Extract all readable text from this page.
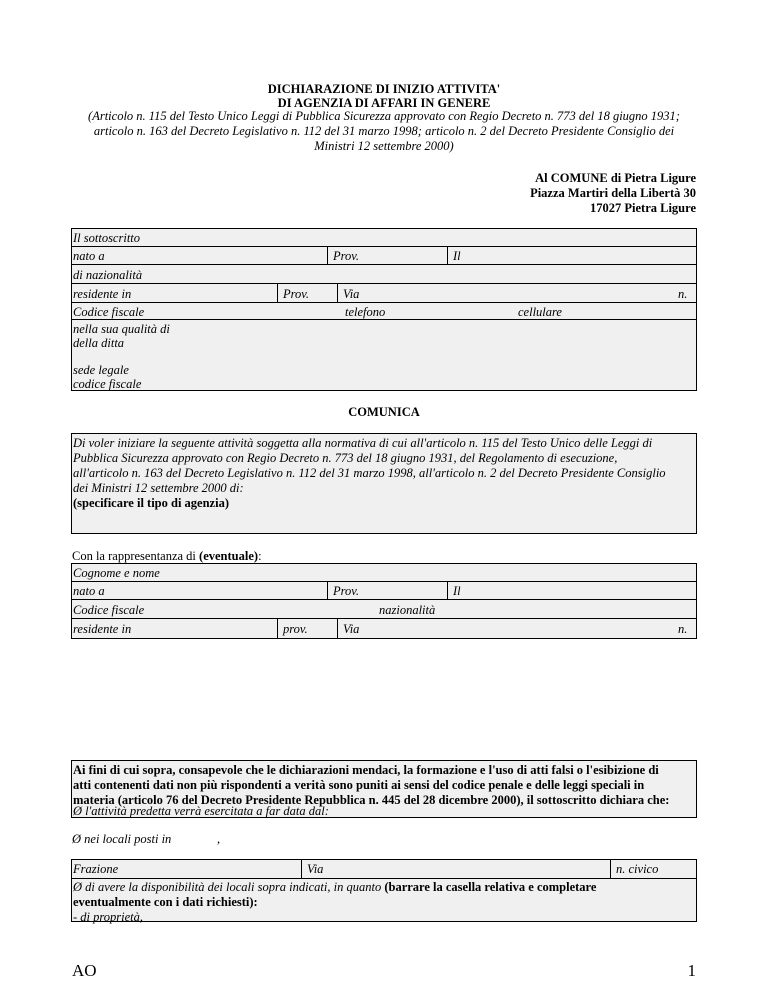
DICHIARAZIONE DI INIZIO ATTIVITA'
DI AGENZIA DI AFFARI IN GENERE
(Articolo n. 115 del Testo Unico Leggi di Pubblica Sicurezza approvato con Regio Decreto n. 773 del 18 giugno 1931;
articolo n. 163 del Decreto Legislativo n. 112 del 31 marzo 1998; articolo n. 2 del Decreto Presidente Consiglio dei
Ministri 12 settembre 2000)
Al COMUNE di Pietra Ligure
Piazza Martiri della Libertà 30
17027 Pietra Ligure
Il sottoscritto
nato a	Prov.	Il
di nazionalità
residente in	Prov.	Via	n.
Codice fiscale	telefono	cellulare
nella sua qualità di
della ditta
sede legale
codice fiscale
COMUNICA
Di voler iniziare la seguente attività soggetta alla normativa di cui all'articolo n. 115 del Testo Unico delle Leggi di
Pubblica Sicurezza approvato con Regio Decreto n. 773 del 18 giugno 1931, del Regolamento di esecuzione,
all'articolo n. 163 del Decreto Legislativo n. 112 del 31 marzo 1998, all'articolo n. 2 del Decreto Presidente Consiglio
dei Ministri 12 settembre 2000 di:
(specificare il tipo di agenzia)
Con la rappresentanza di (eventuale):
Cognome e nome
nato a	Prov.	Il
Codice fiscale	nazionalità
residente in	prov.	Via	n.
Ai fini di cui sopra, consapevole che le dichiarazioni mendaci, la formazione e l'uso di atti falsi o l'esibizione di
atti contenenti dati non più rispondenti a verità sono puniti ai sensi del codice penale e delle leggi speciali in
materia (articolo 76 del Decreto Presidente Repubblica n. 445 del 28 dicembre 2000), il sottoscritto dichiara che:
Ø l'attività predetta verrà esercitata a far data dal:
Ø nei locali posti in	,
Frazione	Via	n. civico
Ø di avere la disponibilità dei locali sopra indicati, in quanto (barrare la casella relativa e completare
eventualmente con i dati richiesti):
- di proprietà,
AO	1
